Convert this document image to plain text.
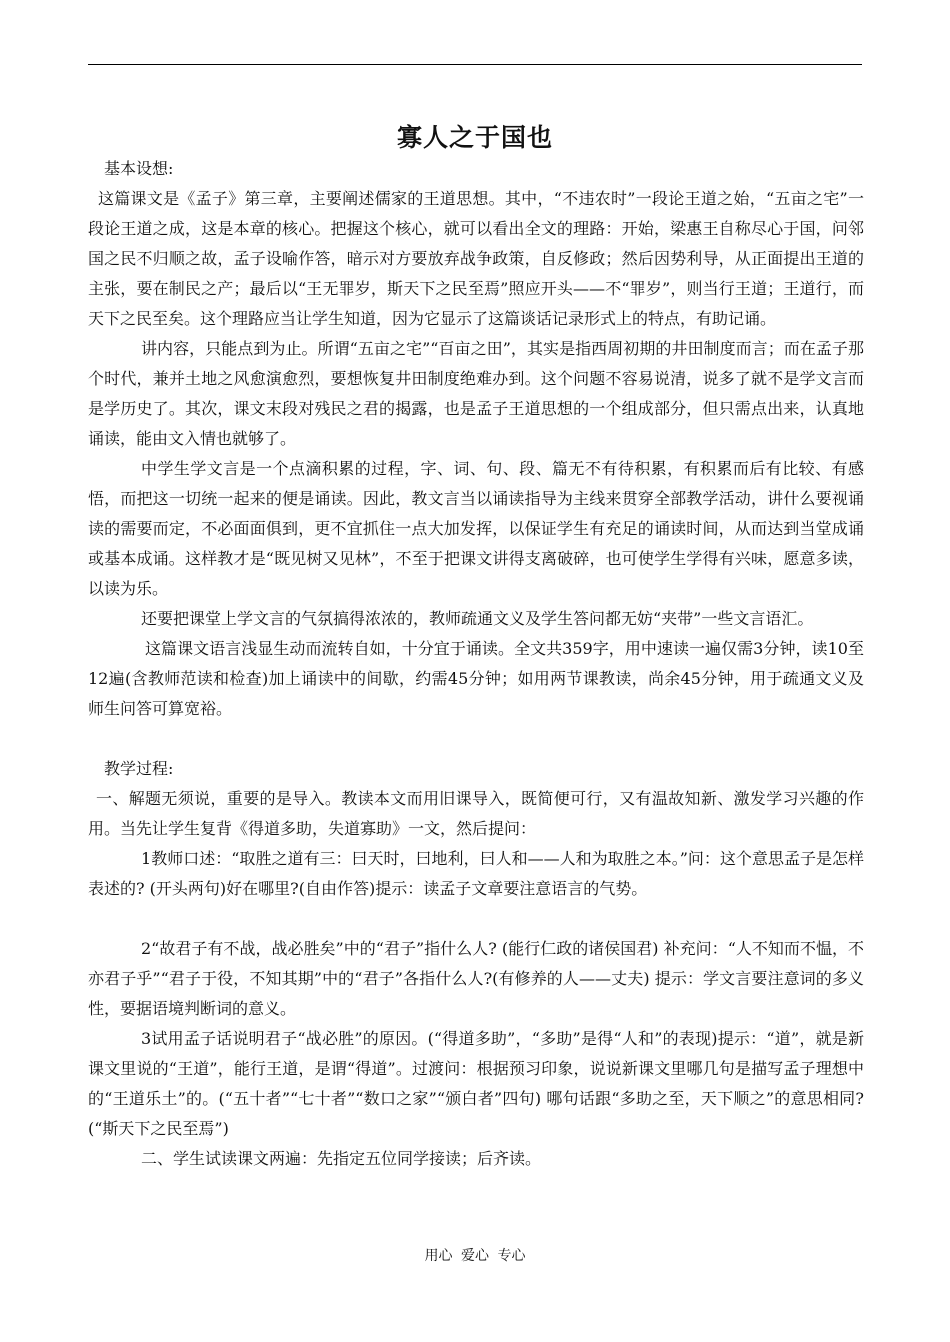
寡人之于国也

基本设想:

这篇课文是《孟子》第三章，主要阐述儒家的王道思想。其中，“不违农时”一段论王道之始，“五亩之宅”一段论王道之成，这是本章的核心。把握这个核心，就可以看出全文的理路：开始，梁惠王自称尽心于国，问邻国之民不归顺之故，孟子设喻作答，暗示对方要放弃战争政策，自反修政；然后因势利导，从正面提出王道的主张，要在制民之产；最后以“王无罪岁，斯天下之民至焉”照应开头——不“罪岁”，则当行王道；王道行，而天下之民至矣。这个理路应当让学生知道，因为它显示了这篇谈话记录形式上的特点，有助记诵。

讲内容，只能点到为止。所谓“五亩之宅”“百亩之田”，其实是指西周初期的井田制度而言；而在孟子那个时代，兼并土地之风愈演愈烈，要想恢复井田制度绝难办到。这个问题不容易说清，说多了就不是学文言而是学历史了。其次，课文末段对残民之君的揭露，也是孟子王道思想的一个组成部分，但只需点出来，认真地诵读，能由文入情也就够了。

中学生学文言是一个点滴积累的过程，字、词、句、段、篇无不有待积累，有积累而后有比较、有感悟，而把这一切统一起来的便是诵读。因此，教文言当以诵读指导为主线来贯穿全部教学活动，讲什么要视诵读的需要而定，不必面面俱到，更不宜抓住一点大加发挥，以保证学生有充足的诵读时间，从而达到当堂成诵或基本成诵。这样教才是“既见树又见林”，不至于把课文讲得支离破碎，也可使学生学得有兴味，愿意多读，以读为乐。

还要把课堂上学文言的气氛搞得浓浓的，教师疏通文义及学生答问都无妨“夹带”一些文言语汇。

这篇课文语言浅显生动而流转自如，十分宜于诵读。全文共359字，用中速读一遍仅需3分钟，读10至12遍(含教师范读和检查)加上诵读中的间歇，约需45分钟；如用两节课教读，尚余45分钟，用于疏通文义及师生问答可算宽裕。

教学过程:

一、解题无须说，重要的是导入。教读本文而用旧课导入，既简便可行，又有温故知新、激发学习兴趣的作用。当先让学生复背《得道多助，失道寡助》一文，然后提问：

1教师口述：“取胜之道有三：曰天时，曰地利，曰人和——人和为取胜之本。”问：这个意思孟子是怎样表述的? (开头两句)好在哪里?(自由作答)提示：读孟子文章要注意语言的气势。

2“故君子有不战，战必胜矣”中的“君子”指什么人? (能行仁政的诸侯国君) 补充问：“人不知而不愠，不亦君子乎”“君子于役，不知其期”中的“君子”各指什么人?(有修养的人——丈夫) 提示：学文言要注意词的多义性，要据语境判断词的意义。

3试用孟子话说明君子“战必胜”的原因。(“得道多助”，“多助”是得“人和”的表现)提示：“道”，就是新课文里说的“王道”，能行王道，是谓“得道”。过渡问：根据预习印象，说说新课文里哪几句是描写孟子理想中的“王道乐土”的。(“五十者”“七十者”“数口之家”“颁白者”四句) 哪句话跟“多助之至，天下顺之”的意思相同? (“斯天下之民至焉”)

二、学生试读课文两遍：先指定五位同学接读；后齐读。

用心 爱心 专心
